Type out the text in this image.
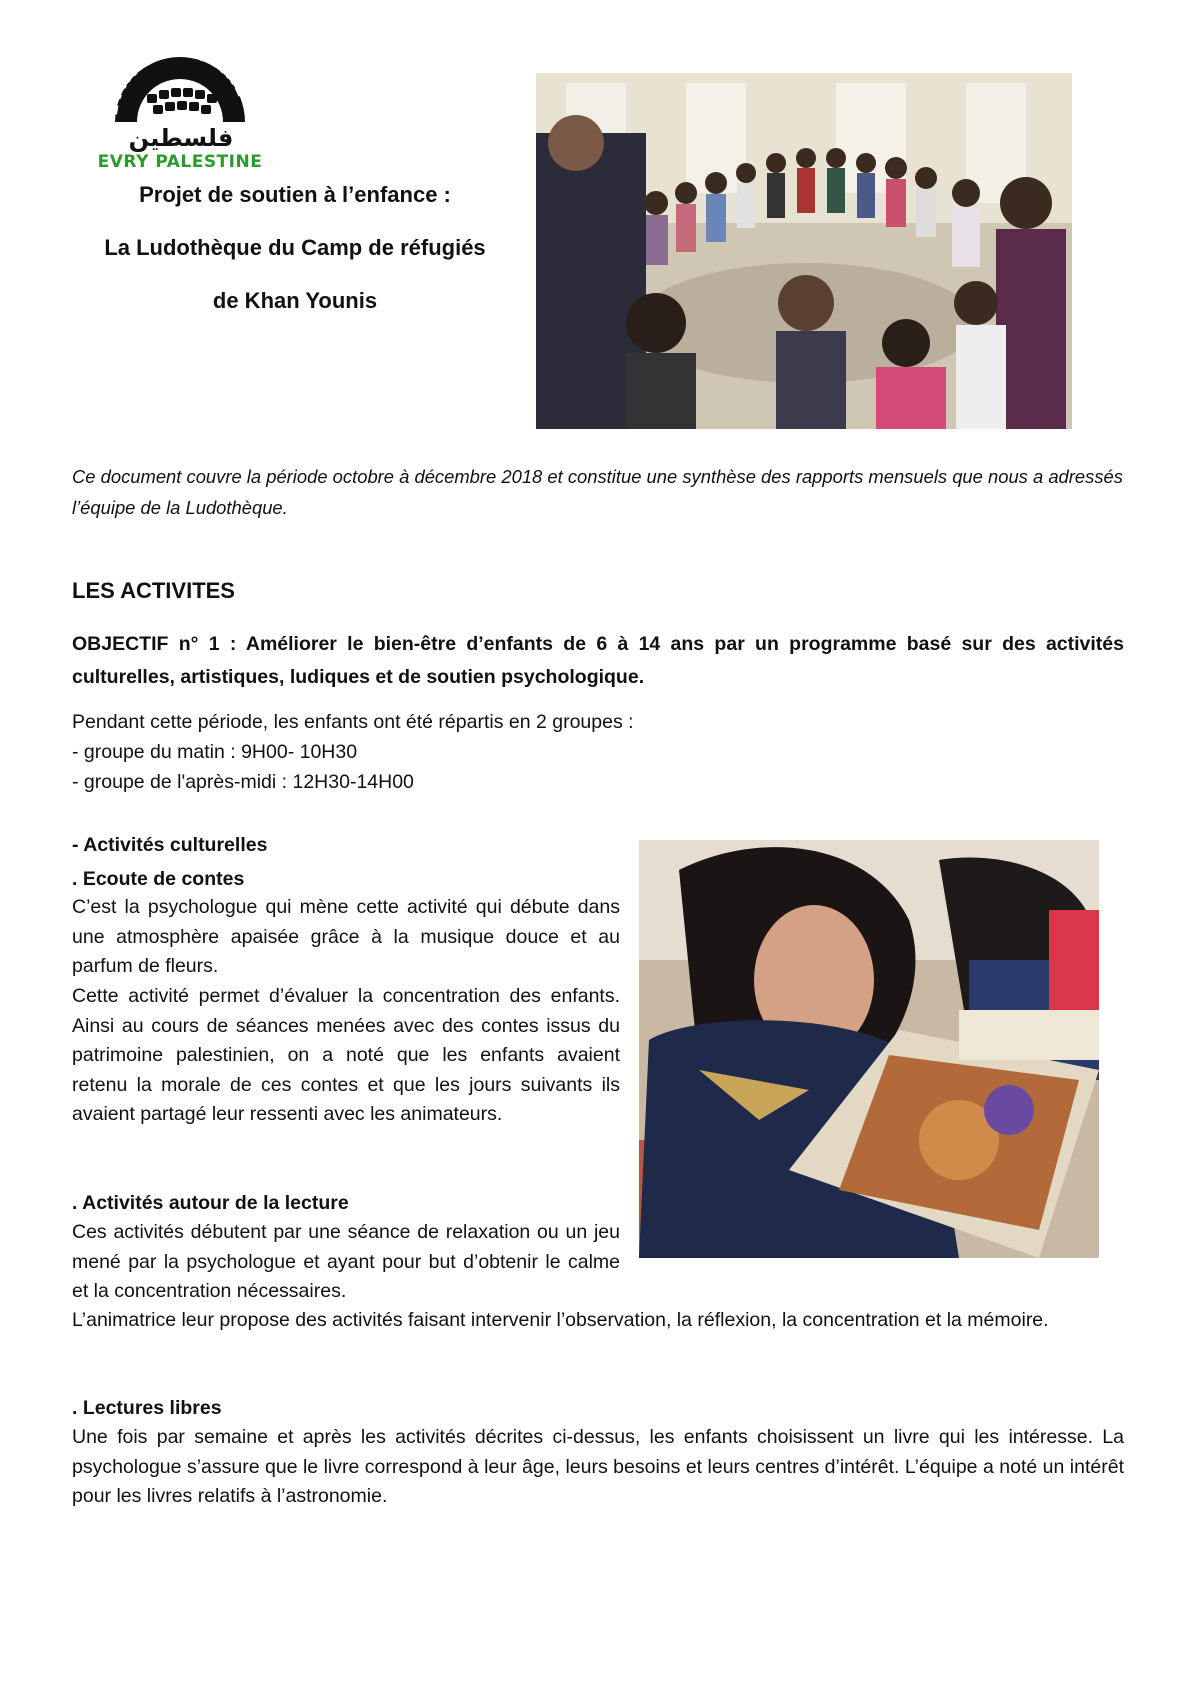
EVRY PALESTINE
فلسطين
EVRY PALESTINE
Projet de soutien à l’enfance :
La Ludothèque du Camp de réfugiés
de Khan Younis
Ce document couvre la période octobre à décembre 2018 et constitue une synthèse des rapports mensuels que nous a adressés l’équipe de la Ludothèque.
LES ACTIVITES
OBJECTIF n° 1 : Améliorer le bien-être d’enfants de 6 à 14 ans par un programme basé sur des activités culturelles, artistiques, ludiques et de soutien psychologique.
Pendant cette période, les enfants ont été répartis en 2 groupes :
- groupe du matin : 9H00- 10H30
- groupe de l'après-midi : 12H30-14H00
- Activités culturelles
. Ecoute de contes
C’est la psychologue qui mène cette activité qui débute dans une atmosphère apaisée grâce à la musique douce et au parfum de fleurs.
Cette activité permet d’évaluer la concentration des enfants. Ainsi au cours de séances menées avec des contes issus du patrimoine palestinien, on a noté que les enfants avaient retenu la morale de ces contes et que les jours suivants ils avaient partagé leur ressenti avec les animateurs.
. Activités autour de la lecture
Ces activités débutent par une séance de relaxation ou un jeu mené par la psychologue et ayant pour but d’obtenir le calme et la concentration nécessaires.
L’animatrice leur propose des activités faisant intervenir l’observation, la réflexion, la concentration et la mémoire.
. Lectures libres
Une fois par semaine et après les activités décrites ci-dessus, les enfants choisissent un livre qui les intéresse. La psychologue s’assure que le livre correspond à leur âge, leurs besoins et leurs centres d’intérêt. L’équipe a noté un intérêt pour les livres relatifs à l’astronomie.
